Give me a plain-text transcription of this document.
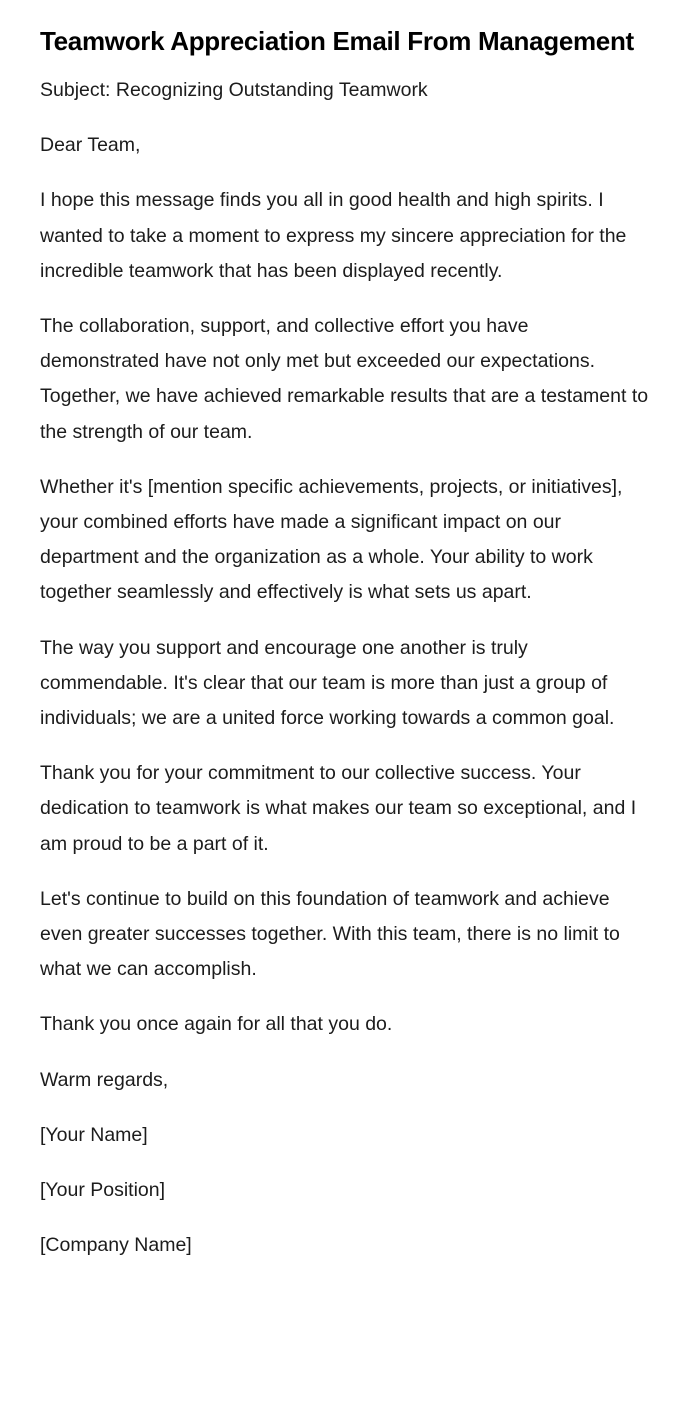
Teamwork Appreciation Email From Management

Subject: Recognizing Outstanding Teamwork

Dear Team,

I hope this message finds you all in good health and high spirits. I wanted to take a moment to express my sincere appreciation for the incredible teamwork that has been displayed recently.

The collaboration, support, and collective effort you have demonstrated have not only met but exceeded our expectations. Together, we have achieved remarkable results that are a testament to the strength of our team.

Whether it's [mention specific achievements, projects, or initiatives], your combined efforts have made a significant impact on our department and the organization as a whole. Your ability to work together seamlessly and effectively is what sets us apart.

The way you support and encourage one another is truly commendable. It's clear that our team is more than just a group of individuals; we are a united force working towards a common goal.

Thank you for your commitment to our collective success. Your dedication to teamwork is what makes our team so exceptional, and I am proud to be a part of it.

Let's continue to build on this foundation of teamwork and achieve even greater successes together. With this team, there is no limit to what we can accomplish.

Thank you once again for all that you do.

Warm regards,

[Your Name]

[Your Position]

[Company Name]
